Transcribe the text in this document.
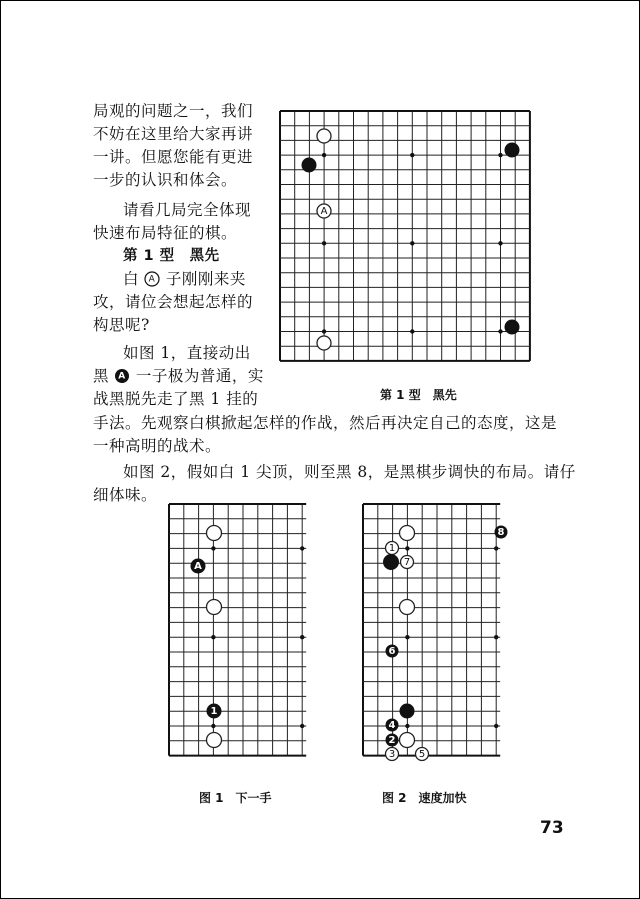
局观的问题之一，我们
不妨在这里给大家再讲
一讲。但愿您能有更进
一步的认识和体会。
请看几局完全体现
快速布局特征的棋。
第 1 型　黑先
白 A 子刚刚来夹
攻，请位会想起怎样的
构思呢?
如图 1，直接动出
黑 A 一子极为普通，实
战黑脱先走了黑 1 挂的
手法。先观察白棋掀起怎样的作战，然后再决定自己的态度，这是
一种高明的战术。
如图 2，假如白 1 尖顶，则至黑 8，是黑棋步调快的布局。请仔
细体味。
A
第 1 型　黑先
A
1
图 1　下一手
1
7
8
6
4
2
3 5
图 2　速度加快
73
